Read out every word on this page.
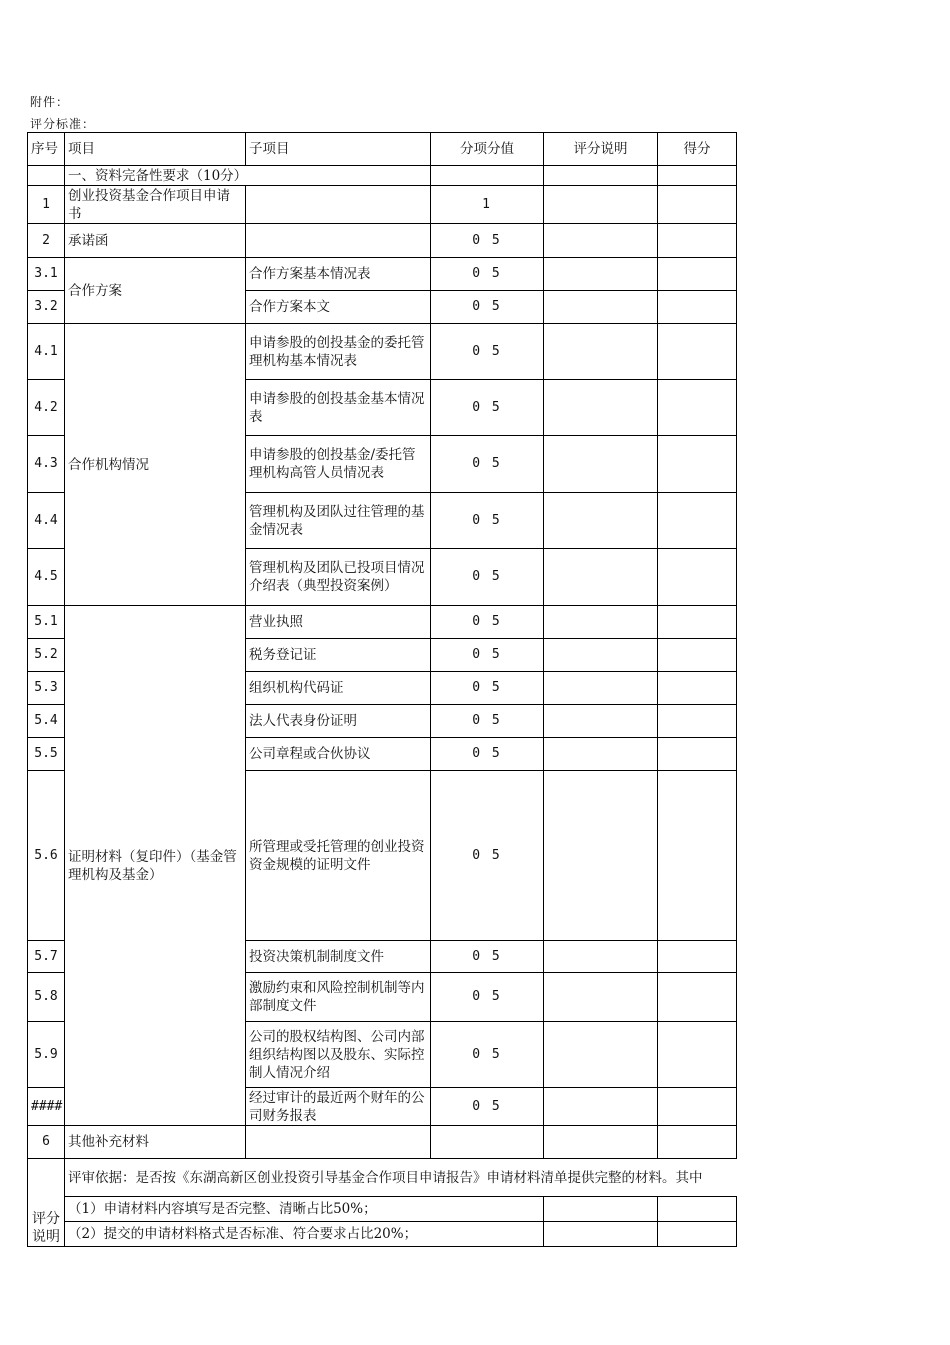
附件：
评分标准：
序号	项目	子项目	分项分值	评分说明	得分
	一、资料完备性要求（10分）				
1	创业投资基金合作项目申请书		1		
2	承诺函		0 5		
3.1	合作方案	合作方案基本情况表	0 5		
3.2		合作方案本文	0 5		
4.1	合作机构情况	申请参股的创投基金的委托管理机构基本情况表	0 5		
4.2		申请参股的创投基金基本情况表	0 5		
4.3		申请参股的创投基金/委托管理机构高管人员情况表	0 5		
4.4		管理机构及团队过往管理的基金情况表	0 5		
4.5		管理机构及团队已投项目情况介绍表（典型投资案例）	0 5		
5.1	证明材料（复印件）（基金管理机构及基金）	营业执照	0 5		
5.2		税务登记证	0 5		
5.3		组织机构代码证	0 5		
5.4		法人代表身份证明	0 5		
5.5		公司章程或合伙协议	0 5		
5.6		所管理或受托管理的创业投资资金规模的证明文件	0 5		
5.7		投资决策机制制度文件	0 5		
5.8		激励约束和风险控制机制等内部制度文件	0 5		
5.9		公司的股权结构图、公司内部组织结构图以及股东、实际控制人情况介绍	0 5		
####		经过审计的最近两个财年的公司财务报表	0 5		
6	其他补充材料				
评分说明	评审依据：是否按《东湖高新区创业投资引导基金合作项目申请报告》申请材料清单提供完整的材料。其中				
	（1）申请材料内容填写是否完整、清晰占比50%；				
	（2）提交的申请材料格式是否标准、符合要求占比20%；				
